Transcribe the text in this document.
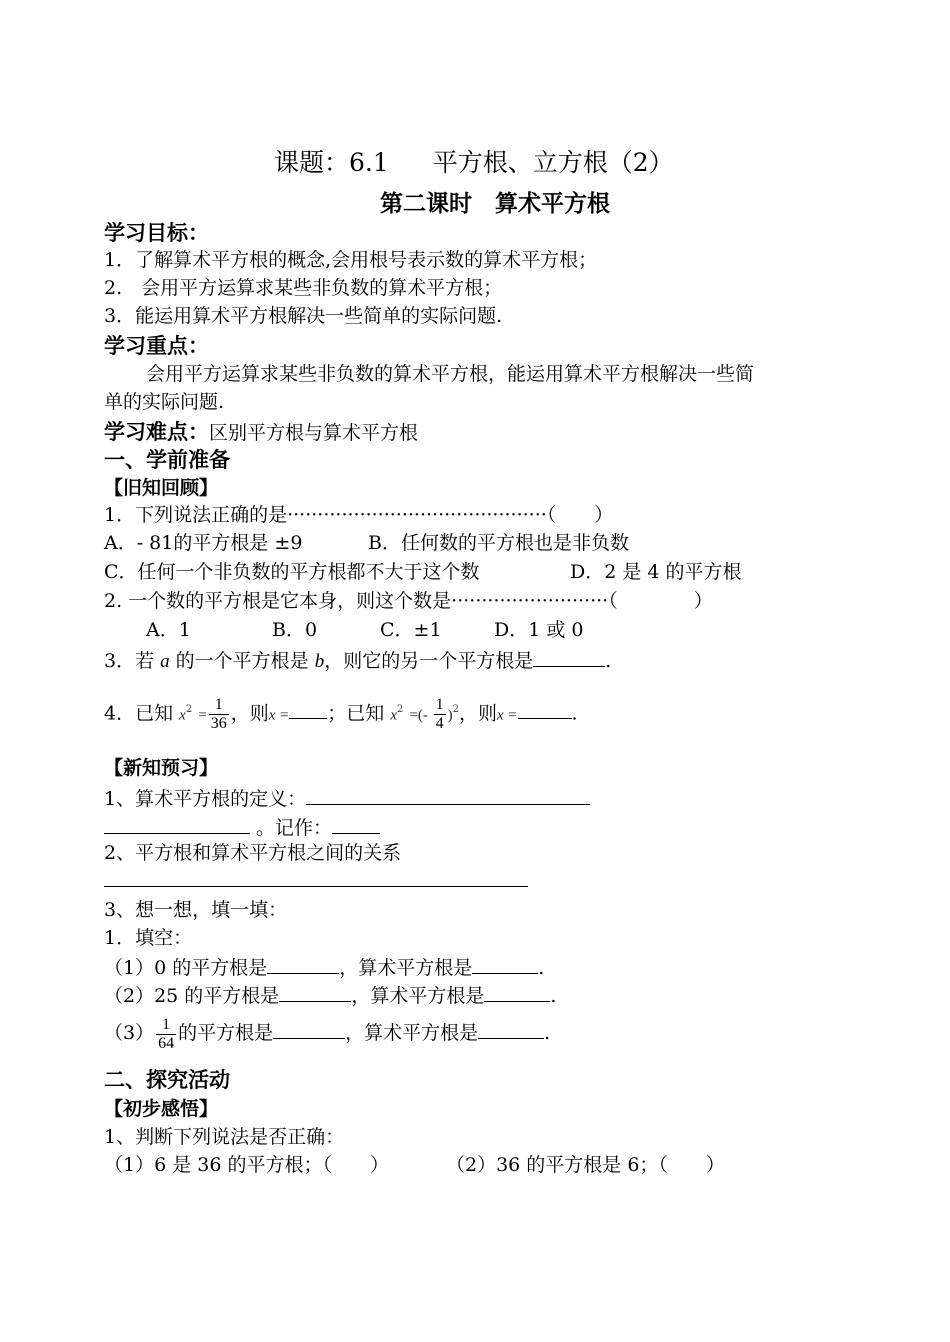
课题：6.1 平方根、立方根（2）
第二课时　算术平方根
学习目标：
1．了解算术平方根的概念,会用根号表示数的算术平方根；
2.　会用平方运算求某些非负数的算术平方根；
3．能运用算术平方根解决一些简单的实际问题.
学习重点：
会用平方运算求某些非负数的算术平方根，能运用算术平方根解决一些简
单的实际问题.
学习难点：区别平方根与算术平方根
一、学前准备
【旧知回顾】
1．下列说法正确的是···········································（　　）
A．- 81的平方根是 ±9	B．任何数的平方根也是非负数
C．任何一个非负数的平方根都不大于这个数	D．2 是 4 的平方根
2. 一个数的平方根是它本身，则这个数是··························（　　　　）
A．1	B．0	C．±1	D．1 或 0
3．若 a 的一个平方根是 b，则它的另一个平方根是	.
4．已知 $x^2 = \frac{1}{36}$ ，则x = ；已知 $x^2$ =(- $\frac{1}{4} )^2$，则x =	.
【新知预习】
1、算术平方根的定义：
。记作：
2、平方根和算术平方根之间的关系
3、想一想，填一填：
1．填空：
（1）0 的平方根是	，算术平方根是	.
（2）25 的平方根是	，算术平方根是	.
$(3) \frac{1}{64}$ 的平方根是	，算术平方根是	.
二、探究活动
【初步感悟】
1、判断下列说法是否正确：
（1）6 是 36 的平方根；（　　）	（2）36 的平方根是 6；（　　）
